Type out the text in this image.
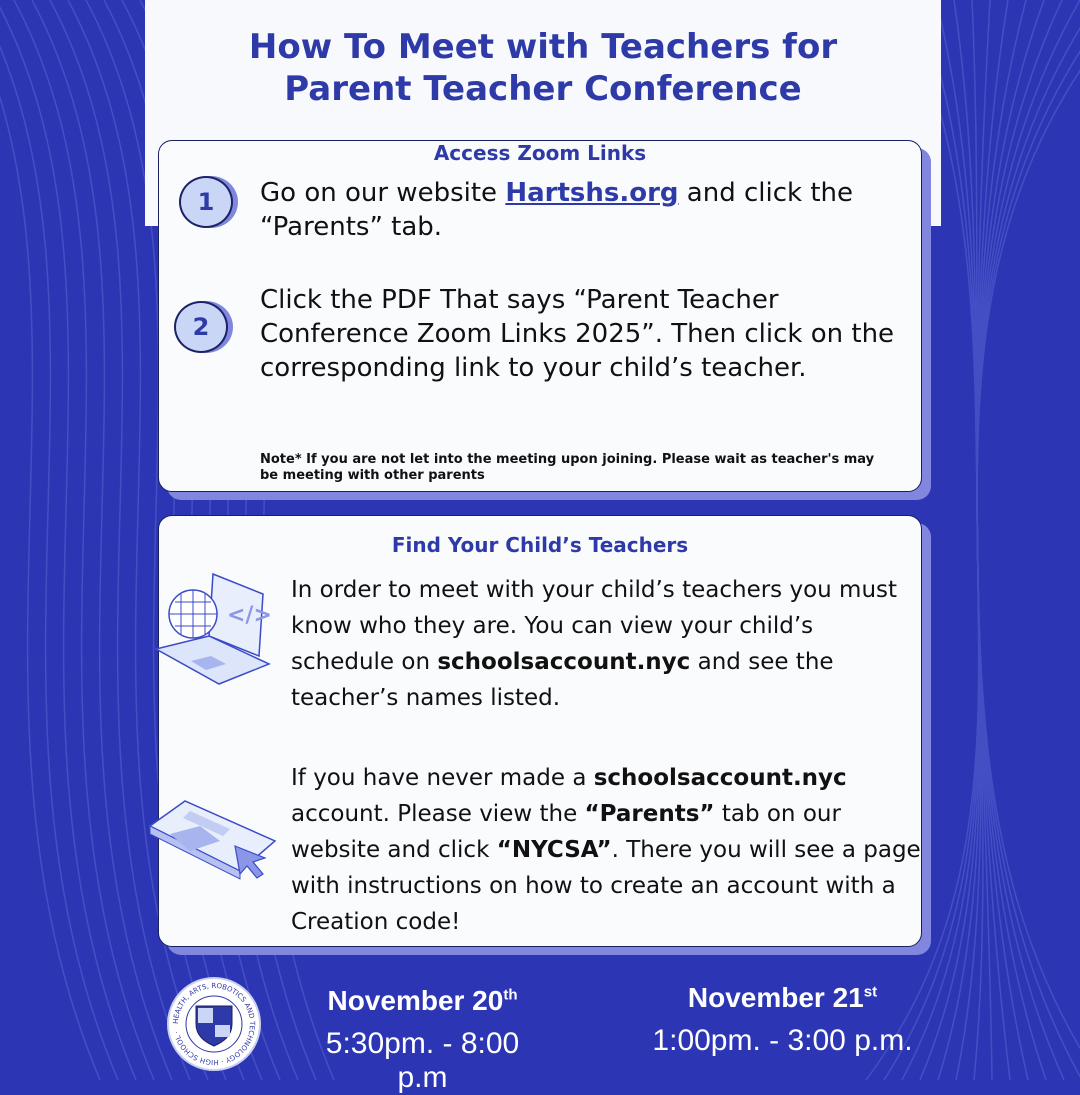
How To Meet with Teachers for
Parent Teacher Conference
Access Zoom Links
1	Go on our website Hartshs.org and click the “Parents” tab.
2
Click the PDF That says “Parent Teacher Conference Zoom Links 2025”. Then click on the corresponding link to your child’s teacher.
Note* If you are not let into the meeting upon joining. Please wait as teacher's may be meeting with other parents
Find Your Child’s Teachers
</>
In order to meet with your child’s teachers you must know who they are. You can view your child’s schedule on schoolsaccount.nyc and see the teacher’s names listed.
If you have never made a schoolsaccount.nyc account. Please view the “Parents” tab on our website and click “NYCSA”. There you will see a page with instructions on how to create an account with a Creation code!
HEALTH, ARTS, ROBOTICS AND TECHNOLOGY · HIGH SCHOOL ·
November 20th
5:30pm. - 8:00 p.m
November 21st
1:00pm. - 3:00 p.m.
